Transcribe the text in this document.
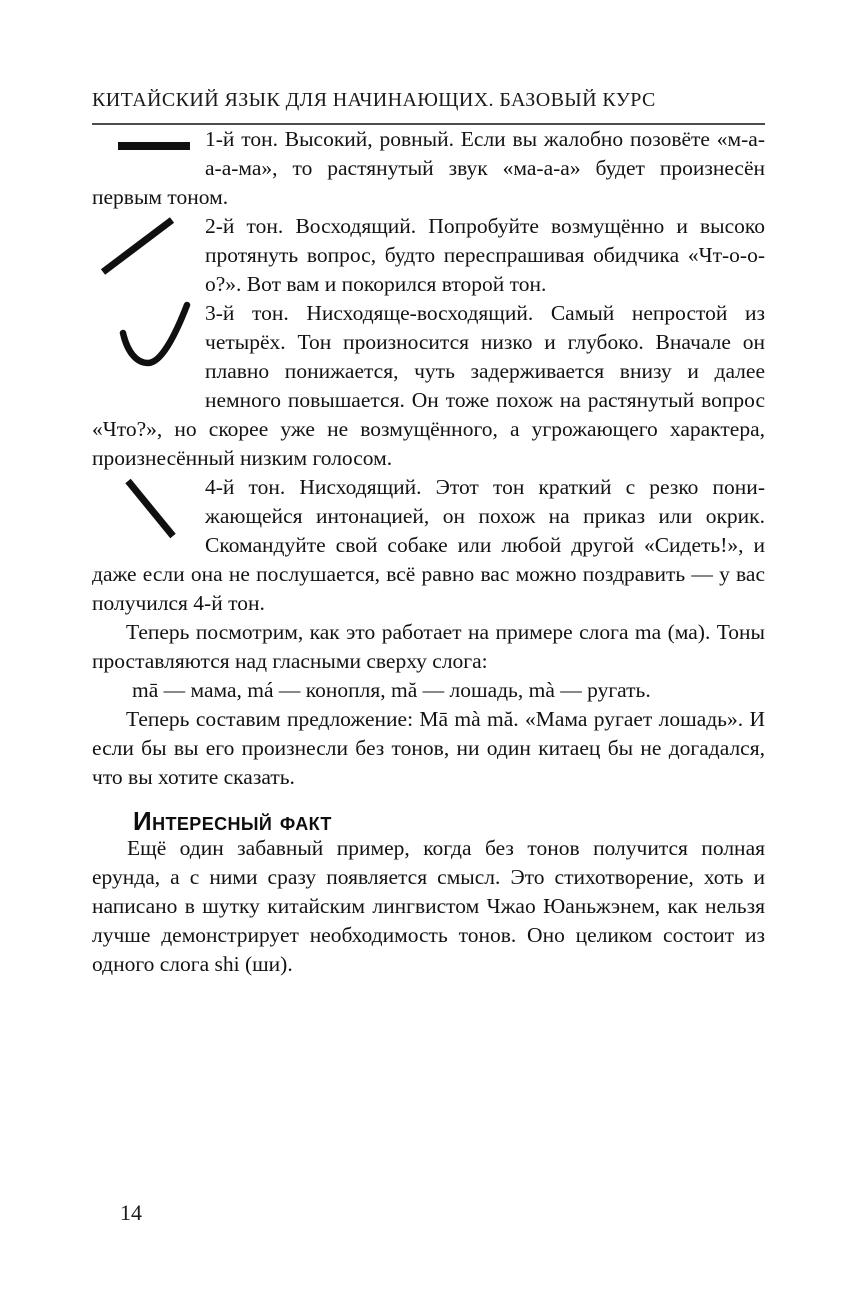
КИТАЙСКИЙ ЯЗЫК ДЛЯ НАЧИНАЮЩИХ. БАЗОВЫЙ КУРС

1-й тон. Высокий, ровный. Если вы жалобно позовёте «м-а-а-а-ма», то растянутый звук «ма-а-а» будет произнесён первым тоном.

2-й тон. Восходящий. Попробуйте возмущённо и высоко протянуть вопрос, будто переспрашивая обидчика «Чт-о-о-о?». Вот вам и покорился второй тон.

3-й тон. Нисходяще-восходящий. Самый непростой из четырёх. Тон произносится низко и глубоко. Вначале он плавно понижается, чуть задерживается внизу и далее немного повышается. Он тоже похож на растянутый вопрос «Что?», но скорее уже не возмущённого, а угрожающего характера, произнесённый низким голосом.

4-й тон. Нисходящий. Этот тон краткий с резко понижающейся интонацией, он похож на приказ или окрик. Скомандуйте свой собаке или любой другой «Сидеть!», и даже если она не послушается, всё равно вас можно поздравить — у вас получился 4-й тон.

Теперь посмотрим, как это работает на примере слога ma (ма). Тоны проставляются над гласными сверху слога:

mā — мама, má — конопля, mă — лошадь, mà — ругать.

Теперь составим предложение: Mā mà mă. «Мама ругает лошадь». И если бы вы его произнесли без тонов, ни один китаец бы не догадался, что вы хотите сказать.

Интересный факт

Ещё один забавный пример, когда без тонов получится полная ерунда, а с ними сразу появляется смысл. Это стихотворение, хоть и написано в шутку китайским лингвистом Чжао Юаньжэнем, как нельзя лучше демонстрирует необходимость тонов. Оно целиком состоит из одного слога shi (ши).

14
